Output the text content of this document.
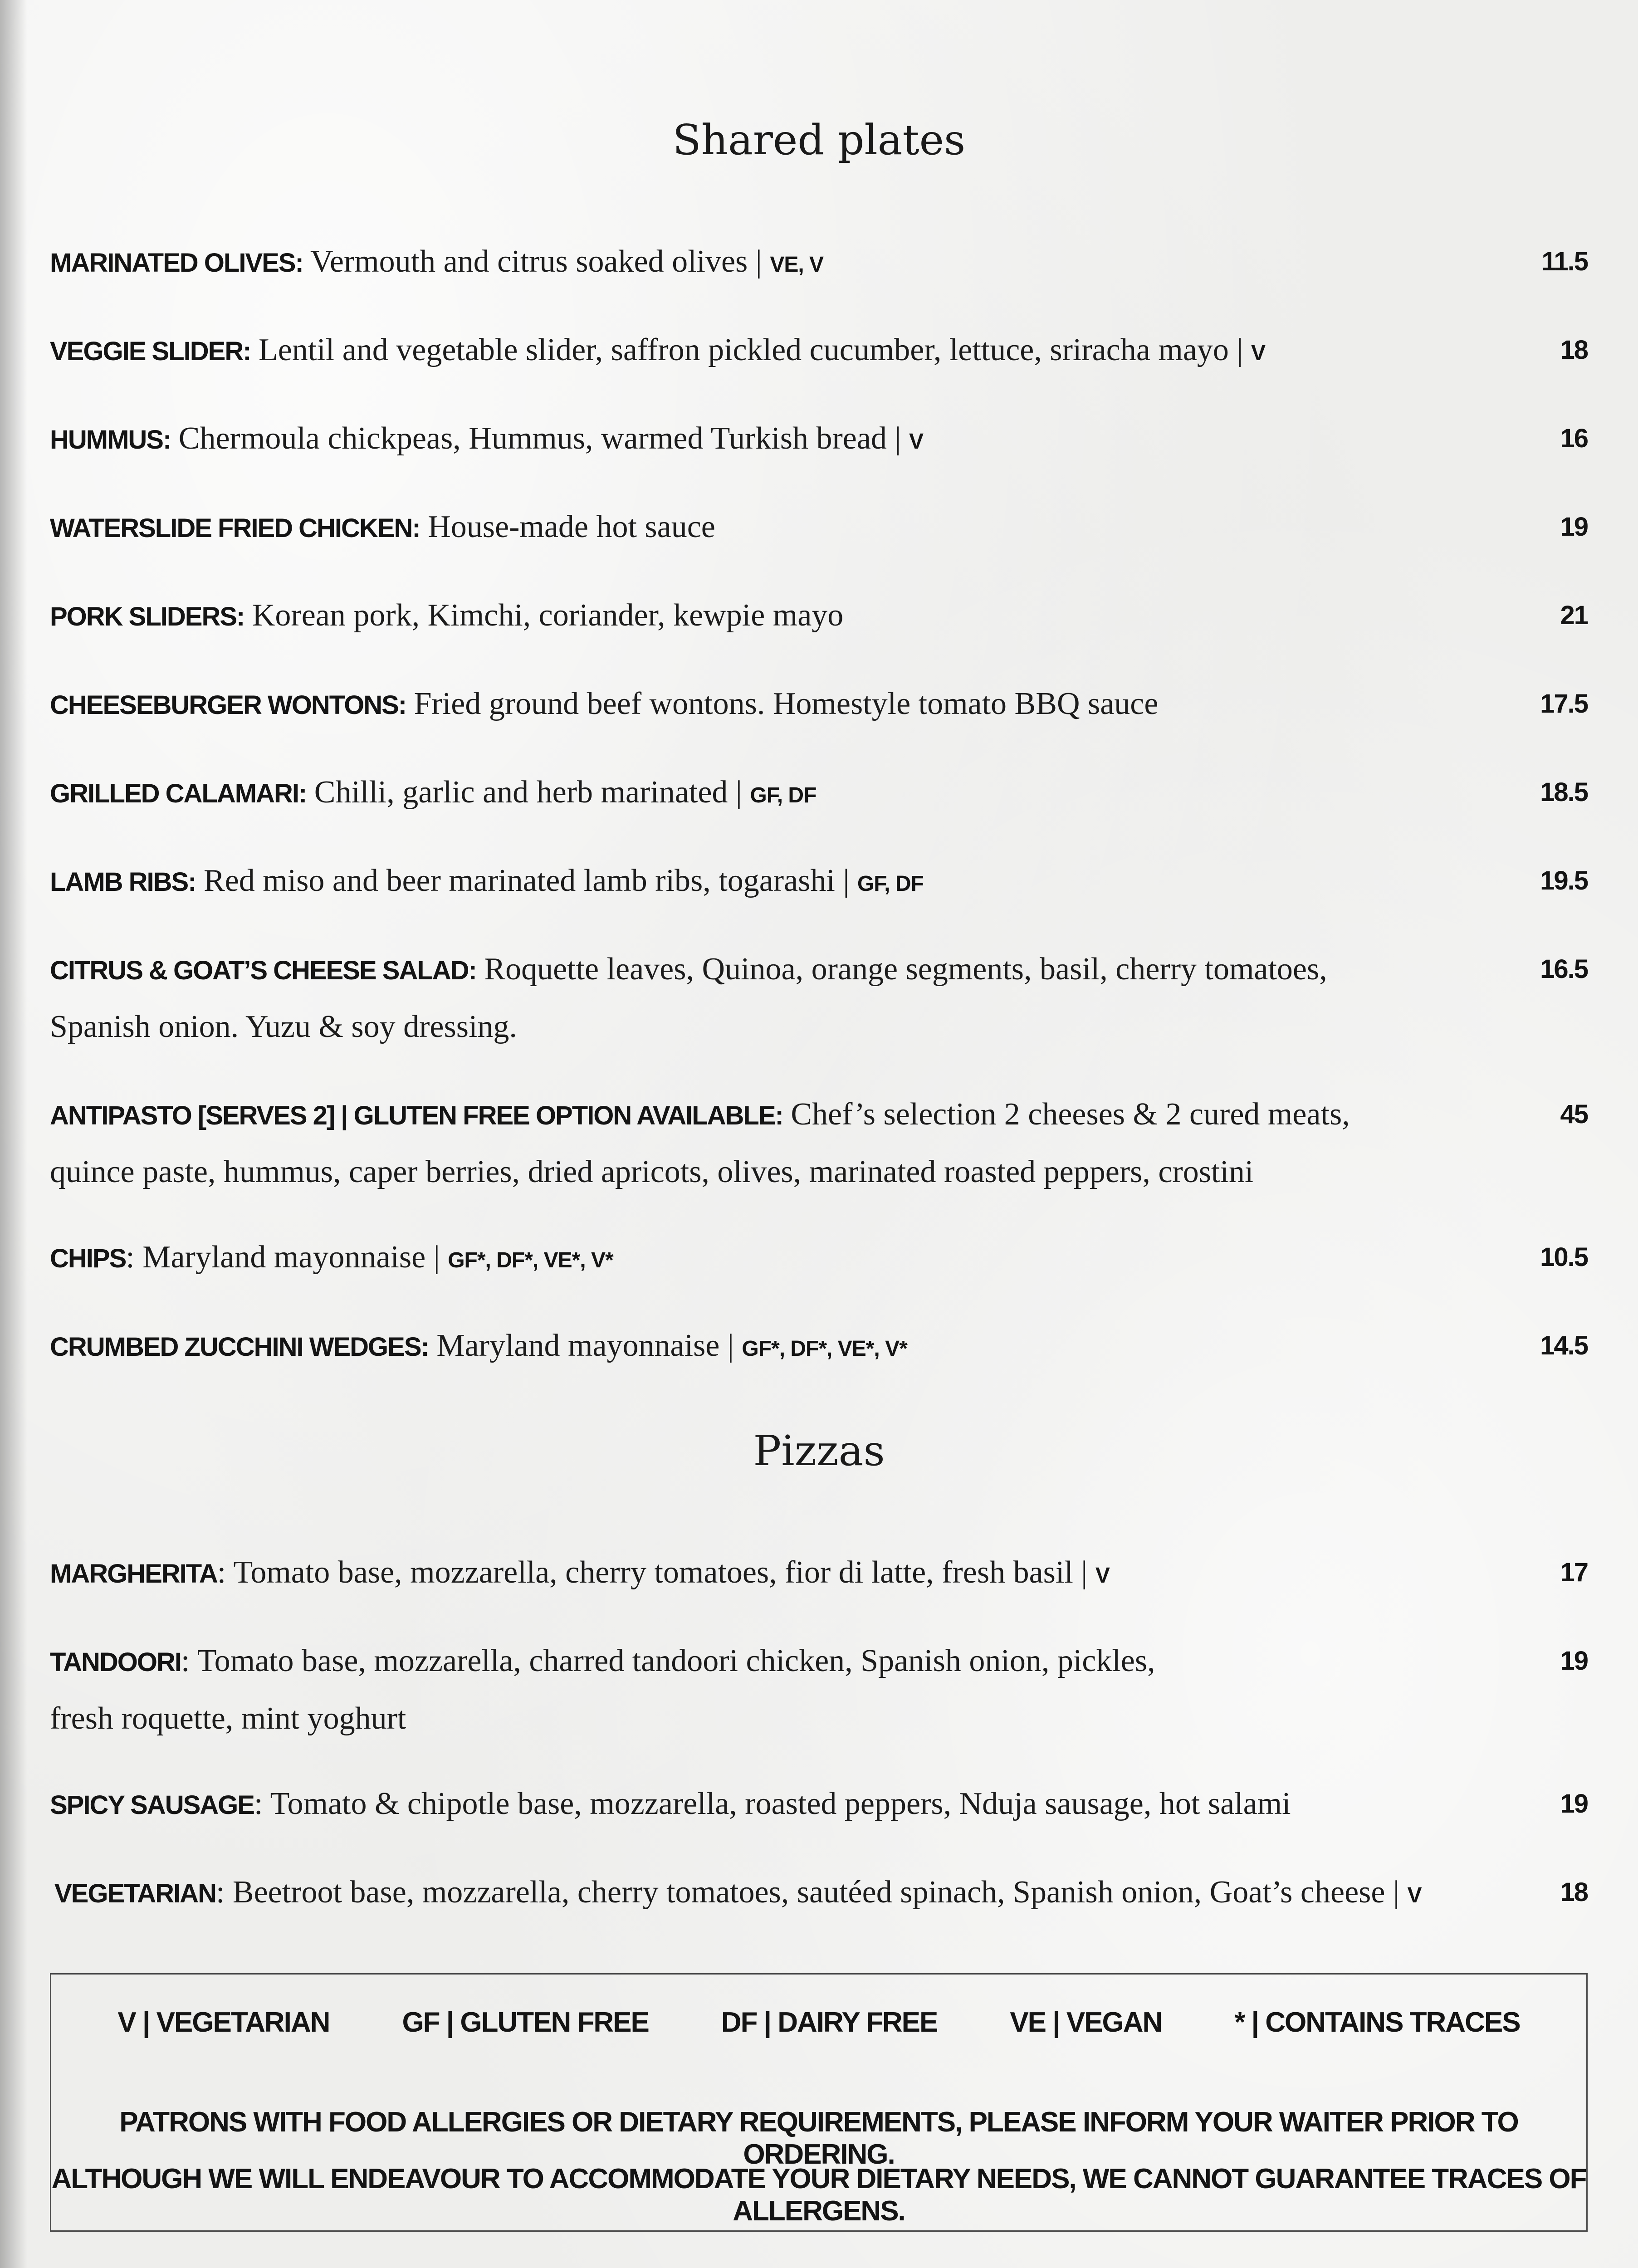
Shared plates
MARINATED OLIVES: Vermouth and citrus soaked olives | VE, V	11.5
VEGGIE SLIDER: Lentil and vegetable slider, saffron pickled cucumber, lettuce, sriracha mayo | V	18
HUMMUS: Chermoula chickpeas, Hummus, warmed Turkish bread | V	16
WATERSLIDE FRIED CHICKEN: House-made hot sauce	19
PORK SLIDERS: Korean pork, Kimchi, coriander, kewpie mayo	21
CHEESEBURGER WONTONS: Fried ground beef wontons. Homestyle tomato BBQ sauce	17.5
GRILLED CALAMARI: Chilli, garlic and herb marinated | GF, DF	18.5
LAMB RIBS: Red miso and beer marinated lamb ribs, togarashi | GF, DF	19.5
CITRUS & GOAT’S CHEESE SALAD: Roquette leaves, Quinoa, orange segments, basil, cherry tomatoes,
Spanish onion. Yuzu & soy dressing.
16.5
ANTIPASTO [SERVES 2] | GLUTEN FREE OPTION AVAILABLE: Chef’s selection 2 cheeses & 2 cured meats,
quince paste, hummus, caper berries, dried apricots, olives, marinated roasted peppers, crostini
45
CHIPS: Maryland mayonnaise | GF*, DF*, VE*, V*	10.5
CRUMBED ZUCCHINI WEDGES: Maryland mayonnaise | GF*, DF*, VE*, V*	14.5
Pizzas
MARGHERITA: Tomato base, mozzarella, cherry tomatoes, fior di latte, fresh basil | V	17
TANDOORI: Tomato base, mozzarella, charred tandoori chicken, Spanish onion, pickles,
fresh roquette, mint yoghurt
19
SPICY SAUSAGE: Tomato & chipotle base, mozzarella, roasted peppers, Nduja sausage, hot salami	19
VEGETARIAN: Beetroot base, mozzarella, cherry tomatoes, sautéed spinach, Spanish onion, Goat’s cheese | V	18
V | VEGETARIAN	GF | GLUTEN FREE	DF | DAIRY FREE	VE | VEGAN	* | CONTAINS TRACES
PATRONS WITH FOOD ALLERGIES OR DIETARY REQUIREMENTS, PLEASE INFORM YOUR WAITER PRIOR TO ORDERING.
ALTHOUGH WE WILL ENDEAVOUR TO ACCOMMODATE YOUR DIETARY NEEDS, WE CANNOT GUARANTEE TRACES OF ALLERGENS.
